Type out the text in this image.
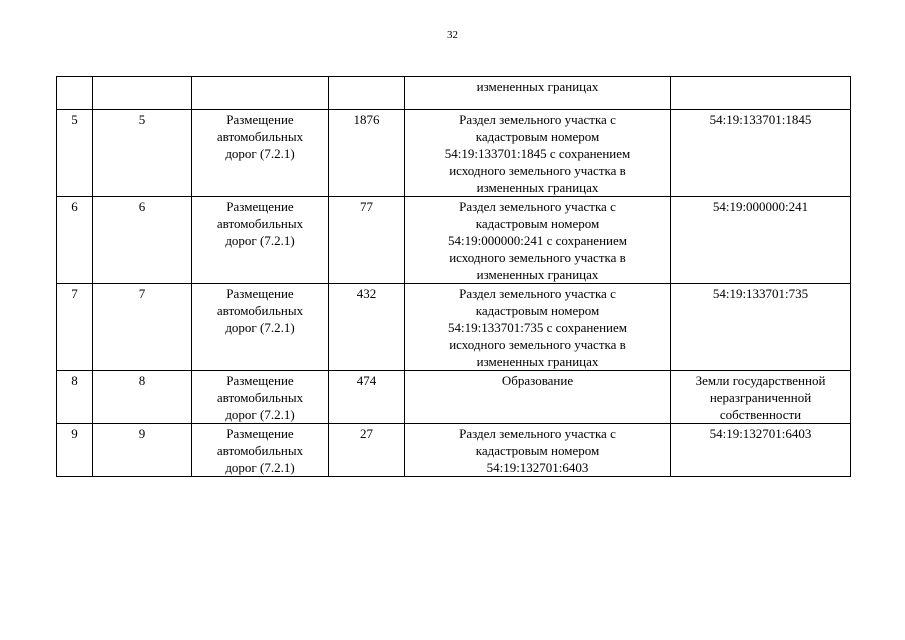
32
				измененных границах	
5	5	Размещение
автомобильных
дорог (7.2.1)	1876	Раздел земельного участка с
кадастровым номером
54:19:133701:1845 с сохранением
исходного земельного участка в
измененных границах	54:19:133701:1845
6	6	Размещение
автомобильных
дорог (7.2.1)	77	Раздел земельного участка с
кадастровым номером
54:19:000000:241 с сохранением
исходного земельного участка в
измененных границах	54:19:000000:241
7	7	Размещение
автомобильных
дорог (7.2.1)	432	Раздел земельного участка с
кадастровым номером
54:19:133701:735 с сохранением
исходного земельного участка в
измененных границах	54:19:133701:735
8	8	Размещение
автомобильных
дорог (7.2.1)	474	Образование	Земли государственной
неразграниченной
собственности
9	9	Размещение
автомобильных
дорог (7.2.1)	27	Раздел земельного участка с
кадастровым номером
54:19:132701:6403	54:19:132701:6403
